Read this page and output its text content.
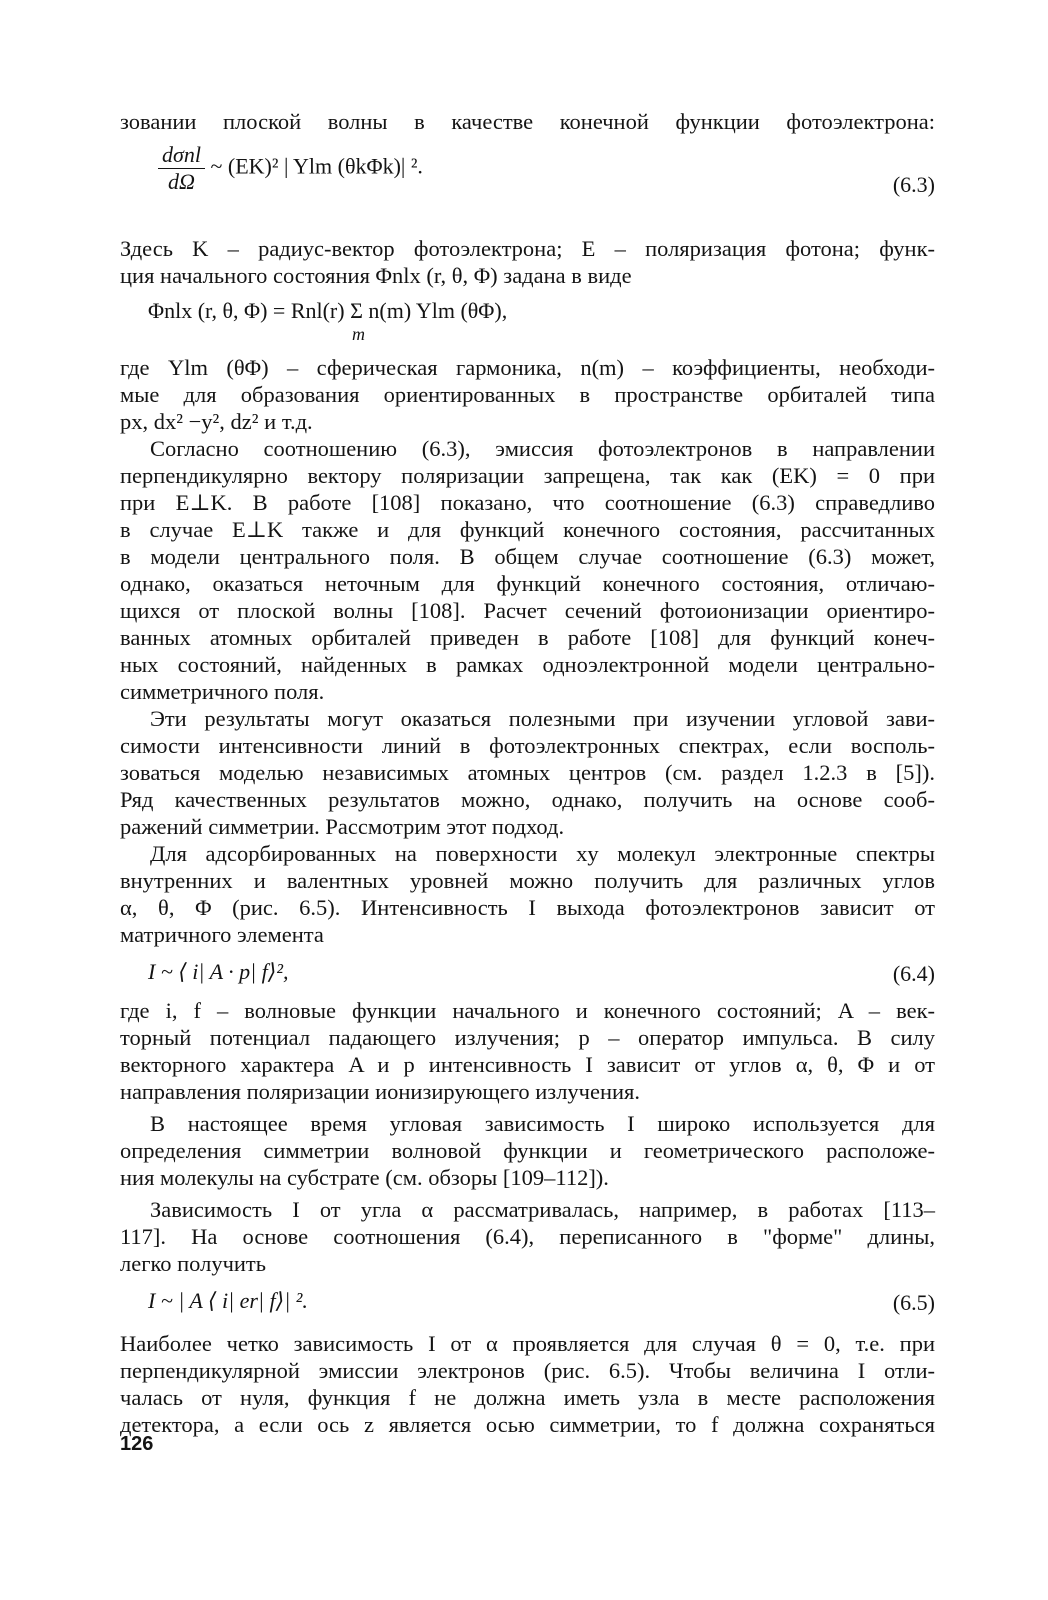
зовании плоской волны в качестве конечной функции фотоэлектрона:
$\frac{\text{dσnl}}{d\Omega}$ ~ (EK)² | Ylm (θkΦk)| ².
(6.3)
Здесь K – радиус-вектор фотоэлектрона; E – поляризация фотона; функ-
ция начального состояния Φnlx (r, θ, Φ) задана в виде
Φnlx (r, θ, Φ) = Rnl(r) Σ n(m) Ylm (θΦ),
m
где Ylm (θΦ) – сферическая гармоника, n(m) – коэффициенты, необходи-
мые для образования ориентированных в пространстве орбиталей типа
px, dx² −y², dz² и т.д.
Согласно соотношению (6.3), эмиссия фотоэлектронов в направлении
перпендикулярно вектору поляризации запрещена, так как (EK) = 0 при
при E⊥K. В работе [108] показано, что соотношение (6.3) справедливо
в случае E⊥K также и для функций конечного состояния, рассчитанных
в модели центрального поля. В общем случае соотношение (6.3) может,
однако, оказаться неточным для функций конечного состояния, отличаю-
щихся от плоской волны [108]. Расчет сечений фотоионизации ориентиро-
ванных атомных орбиталей приведен в работе [108] для функций конеч-
ных состояний, найденных в рамках одноэлектронной модели центрально-
симметричного поля.
Эти результаты могут оказаться полезными при изучении угловой зави-
симости интенсивности линий в фотоэлектронных спектрах, если восполь-
зоваться моделью независимых атомных центров (см. раздел 1.2.3 в [5]).
Ряд качественных результатов можно, однако, получить на основе сооб-
ражений симметрии. Рассмотрим этот подход.
Для адсорбированных на поверхности xy молекул электронные спектры
внутренних и валентных уровней можно получить для различных углов
α, θ, Φ (рис. 6.5). Интенсивность I выхода фотоэлектронов зависит от
матричного элемента
I ~ ⟨ i| A · p| f⟩²,	(6.4)
где i, f – волновые функции начального и конечного состояний; A – век-
торный потенциал падающего излучения; p – оператор импульса. В силу
векторного характера A и p интенсивность I зависит от углов α, θ, Φ и от
направления поляризации ионизирующего излучения.
В настоящее время угловая зависимость I широко используется для
определения симметрии волновой функции и геометрического расположе-
ния молекулы на субстрате (см. обзоры [109–112]).
Зависимость I от угла α рассматривалась, например, в работах [113–
117]. На основе соотношения (6.4), переписанного в "форме" длины,
легко получить
I ~ | A ⟨ i| er| f⟩| ².	(6.5)
Наиболее четко зависимость I от α проявляется для случая θ = 0, т.е. при
перпендикулярной эмиссии электронов (рис. 6.5). Чтобы величина I отли-
чалась от нуля, функция f не должна иметь узла в месте расположения
детектора, а если ось z является осью симметрии, то f должна сохраняться
126
